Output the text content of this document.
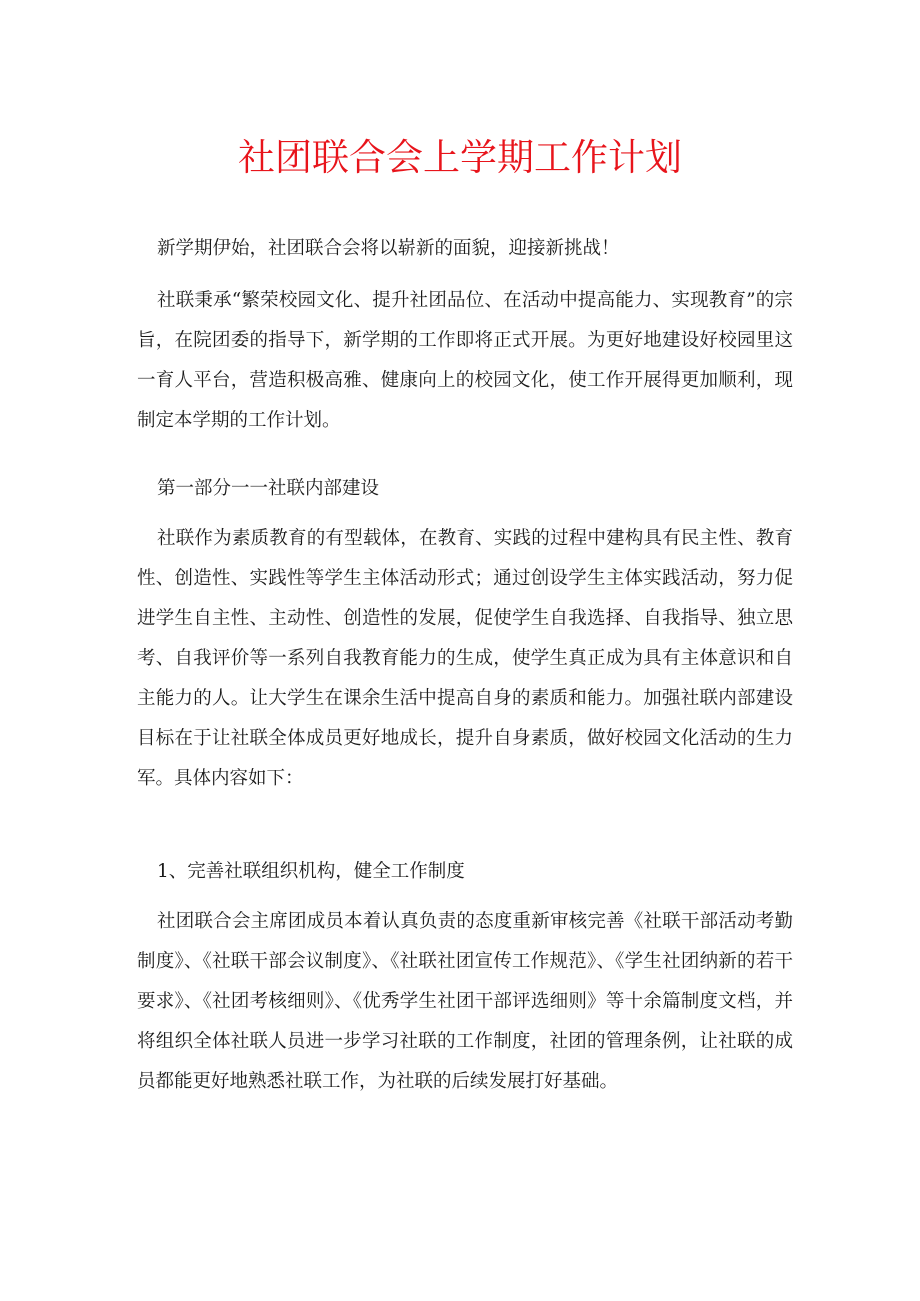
社团联合会上学期工作计划

新学期伊始，社团联合会将以崭新的面貌，迎接新挑战！

社联秉承“繁荣校园文化、提升社团品位、在活动中提高能力、实现教育”的宗旨，在院团委的指导下，新学期的工作即将正式开展。为更好地建设好校园里这一育人平台，营造积极高雅、健康向上的校园文化，使工作开展得更加顺利，现制定本学期的工作计划。

第一部分一一社联内部建设

社联作为素质教育的有型载体，在教育、实践的过程中建构具有民主性、教育性、创造性、实践性等学生主体活动形式；通过创设学生主体实践活动，努力促进学生自主性、主动性、创造性的发展，促使学生自我选择、自我指导、独立思考、自我评价等一系列自我教育能力的生成，使学生真正成为具有主体意识和自主能力的人。让大学生在课余生活中提高自身的素质和能力。加强社联内部建设目标在于让社联全体成员更好地成长，提升自身素质，做好校园文化活动的生力军。具体内容如下：

1、完善社联组织机构，健全工作制度

社团联合会主席团成员本着认真负责的态度重新审核完善《社联干部活动考勤制度》、《社联干部会议制度》、《社联社团宣传工作规范》、《学生社团纳新的若干要求》、《社团考核细则》、《优秀学生社团干部评选细则》等十余篇制度文档，并将组织全体社联人员进一步学习社联的工作制度，社团的管理条例，让社联的成员都能更好地熟悉社联工作，为社联的后续发展打好基础。
